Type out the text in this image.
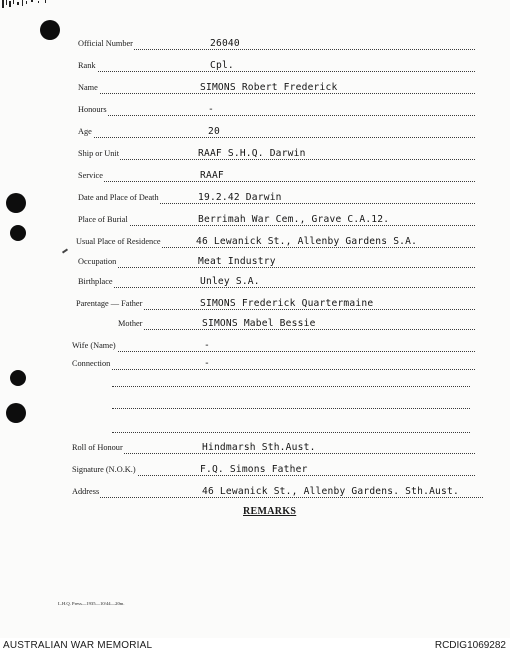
Official Number	26040
Rank	Cpl.
Name	SIMONS Robert Frederick
Honours	-
Age	20
Ship or Unit	RAAF S.H.Q. Darwin
Service	RAAF
Date and Place of Death	19.2.42 Darwin
Place of Burial	Berrimah War Cem., Grave C.A.12.
Usual Place of Residence	46 Lewanick St., Allenby Gardens S.A.
Occupation	Meat Industry
Birthplace	Unley S.A.
Parentage — Father	SIMONS Frederick Quartermaine
Mother	SIMONS Mabel Bessie
Wife (Name)	-
Connection	-
Roll of Honour	Hindmarsh Sth.Aust.
Signature (N.O.K.)	F.Q. Simons Father
Address	46 Lewanick St., Allenby Gardens. Sth.Aust.
REMARKS
L.H.Q. Press—1935—10/44—20m.
AUSTRALIAN WAR MEMORIAL	RCDIG1069282
